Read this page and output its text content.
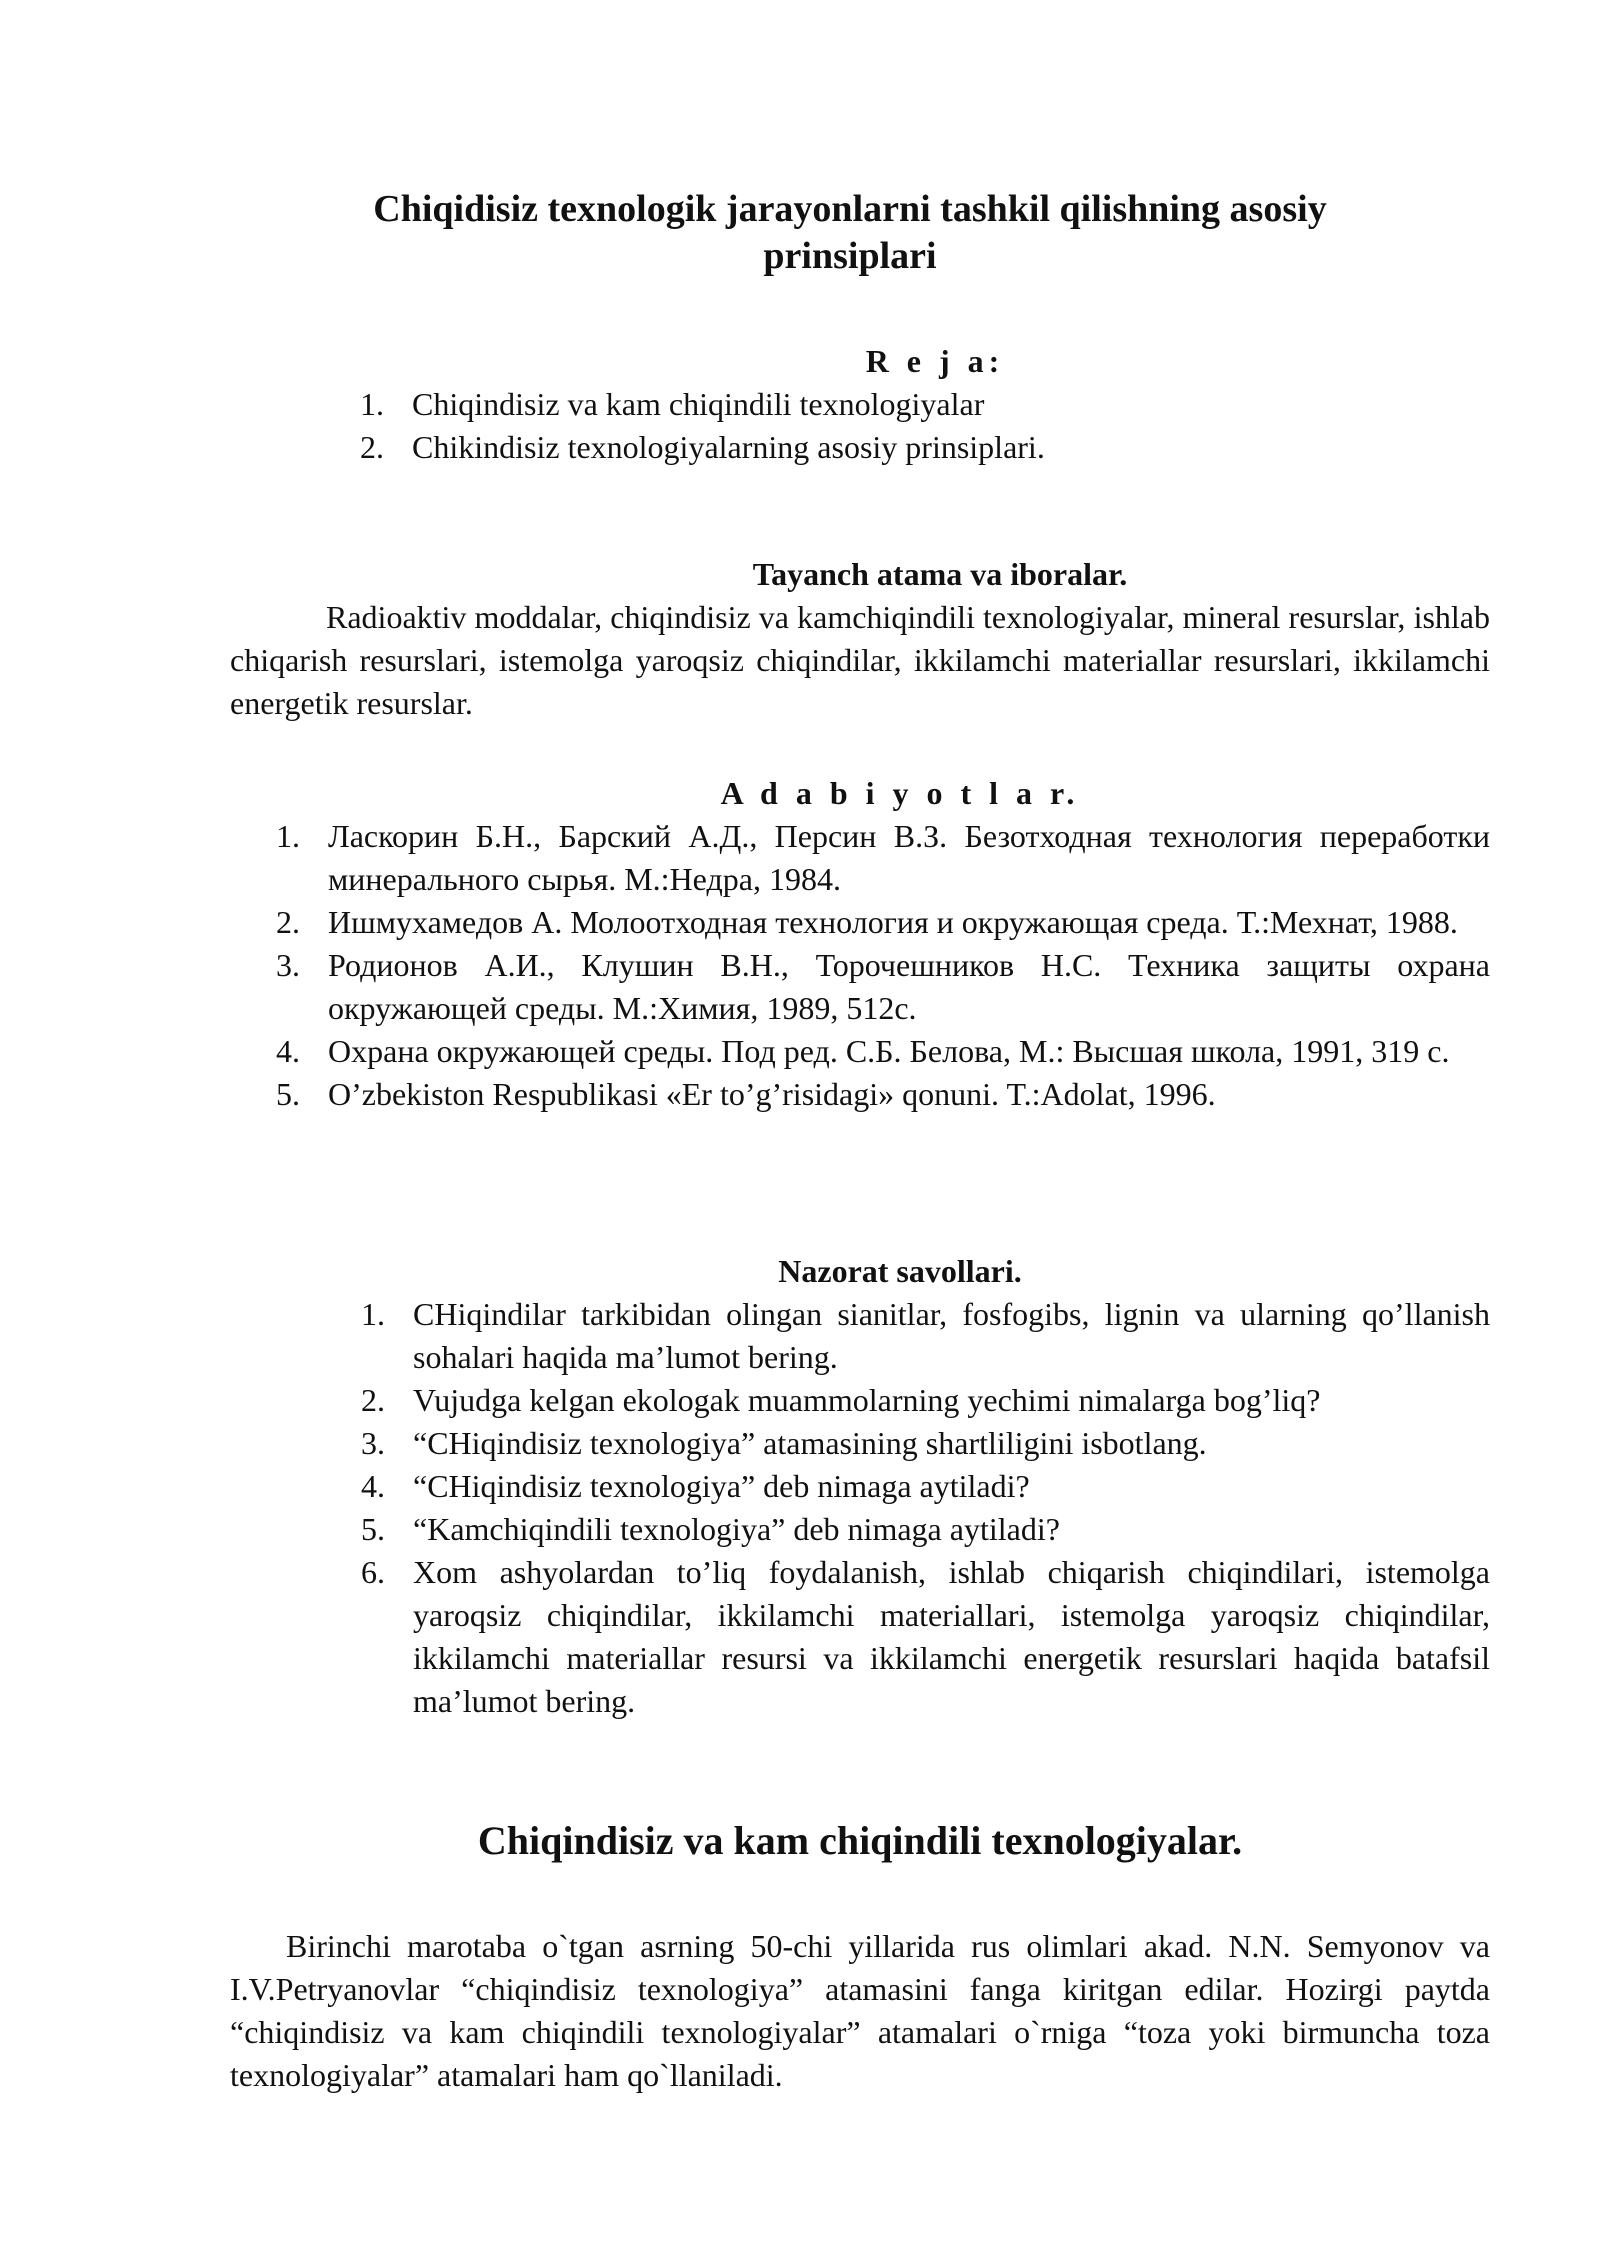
Chiqidisiz texnologik jarayonlarni tashkil qilishning asosiy prinsiplari
R e j a:
1. Chiqindisiz va kam chiqindili texnologiyalar
2. Chikindisiz texnologiyalarning asosiy prinsiplari.
Tayanch atama va iboralar.
Radioaktiv moddalar, chiqindisiz va kamchiqindili texnologiyalar, mineral resurslar, ishlab chiqarish resurslari, istemolga yaroqsiz chiqindilar, ikkilamchi materiallar resurslari, ikkilamchi energetik resurslar.
A d a b i y o t l a r.
1. Ласкорин Б.Н., Барский А.Д., Персин В.З. Безотходная технология переработки минерального сырья. М.:Недра, 1984.
2. Ишмухамедов А. Молоотходная технология и окружающая среда. Т.:Мехнат, 1988.
3. Родионов А.И., Клушин В.Н., Торочешников Н.С. Техника защиты охрана окружающей среды. М.:Химия, 1989, 512с.
4. Охрана окружающей среды. Под ред. С.Б. Белова, М.: Высшая школа, 1991, 319 с.
5. O’zbekiston Respublikasi «Er to’g’risidagi» qonuni. T.:Adolat, 1996.
Nazorat savollari.
1. CHiqindilar tarkibidan olingan sianitlar, fosfogibs, lignin va ularning qo’llanish sohalari haqida ma’lumot bering.
2. Vujudga kelgan ekologak muammolarning yechimi nimalarga bog’liq?
3. “CHiqindisiz texnologiya” atamasining shartliligini isbotlang.
4. “CHiqindisiz texnologiya” deb nimaga aytiladi?
5. “Kamchiqindili texnologiya” deb nimaga aytiladi?
6. Xom ashyolardan to’liq foydalanish, ishlab chiqarish chiqindilari, istemolga yaroqsiz chiqindilar, ikkilamchi materiallari, istemolga yaroqsiz chiqindilar, ikkilamchi materiallar resursi va ikkilamchi energetik resurslari haqida batafsil ma’lumot bering.
Chiqindisiz va kam chiqindili texnologiyalar.
Birinchi marotaba o`tgan asrning 50-chi yillarida rus olimlari akad. N.N. Semyonov va I.V.Petryanovlar “chiqindisiz texnologiya” atamasini fanga kiritgan edilar. Hozirgi paytda “chiqindisiz va kam chiqindili texnologiyalar” atamalari o`rniga “toza yoki birmuncha toza texnologiyalar” atamalari ham qo`llaniladi.
